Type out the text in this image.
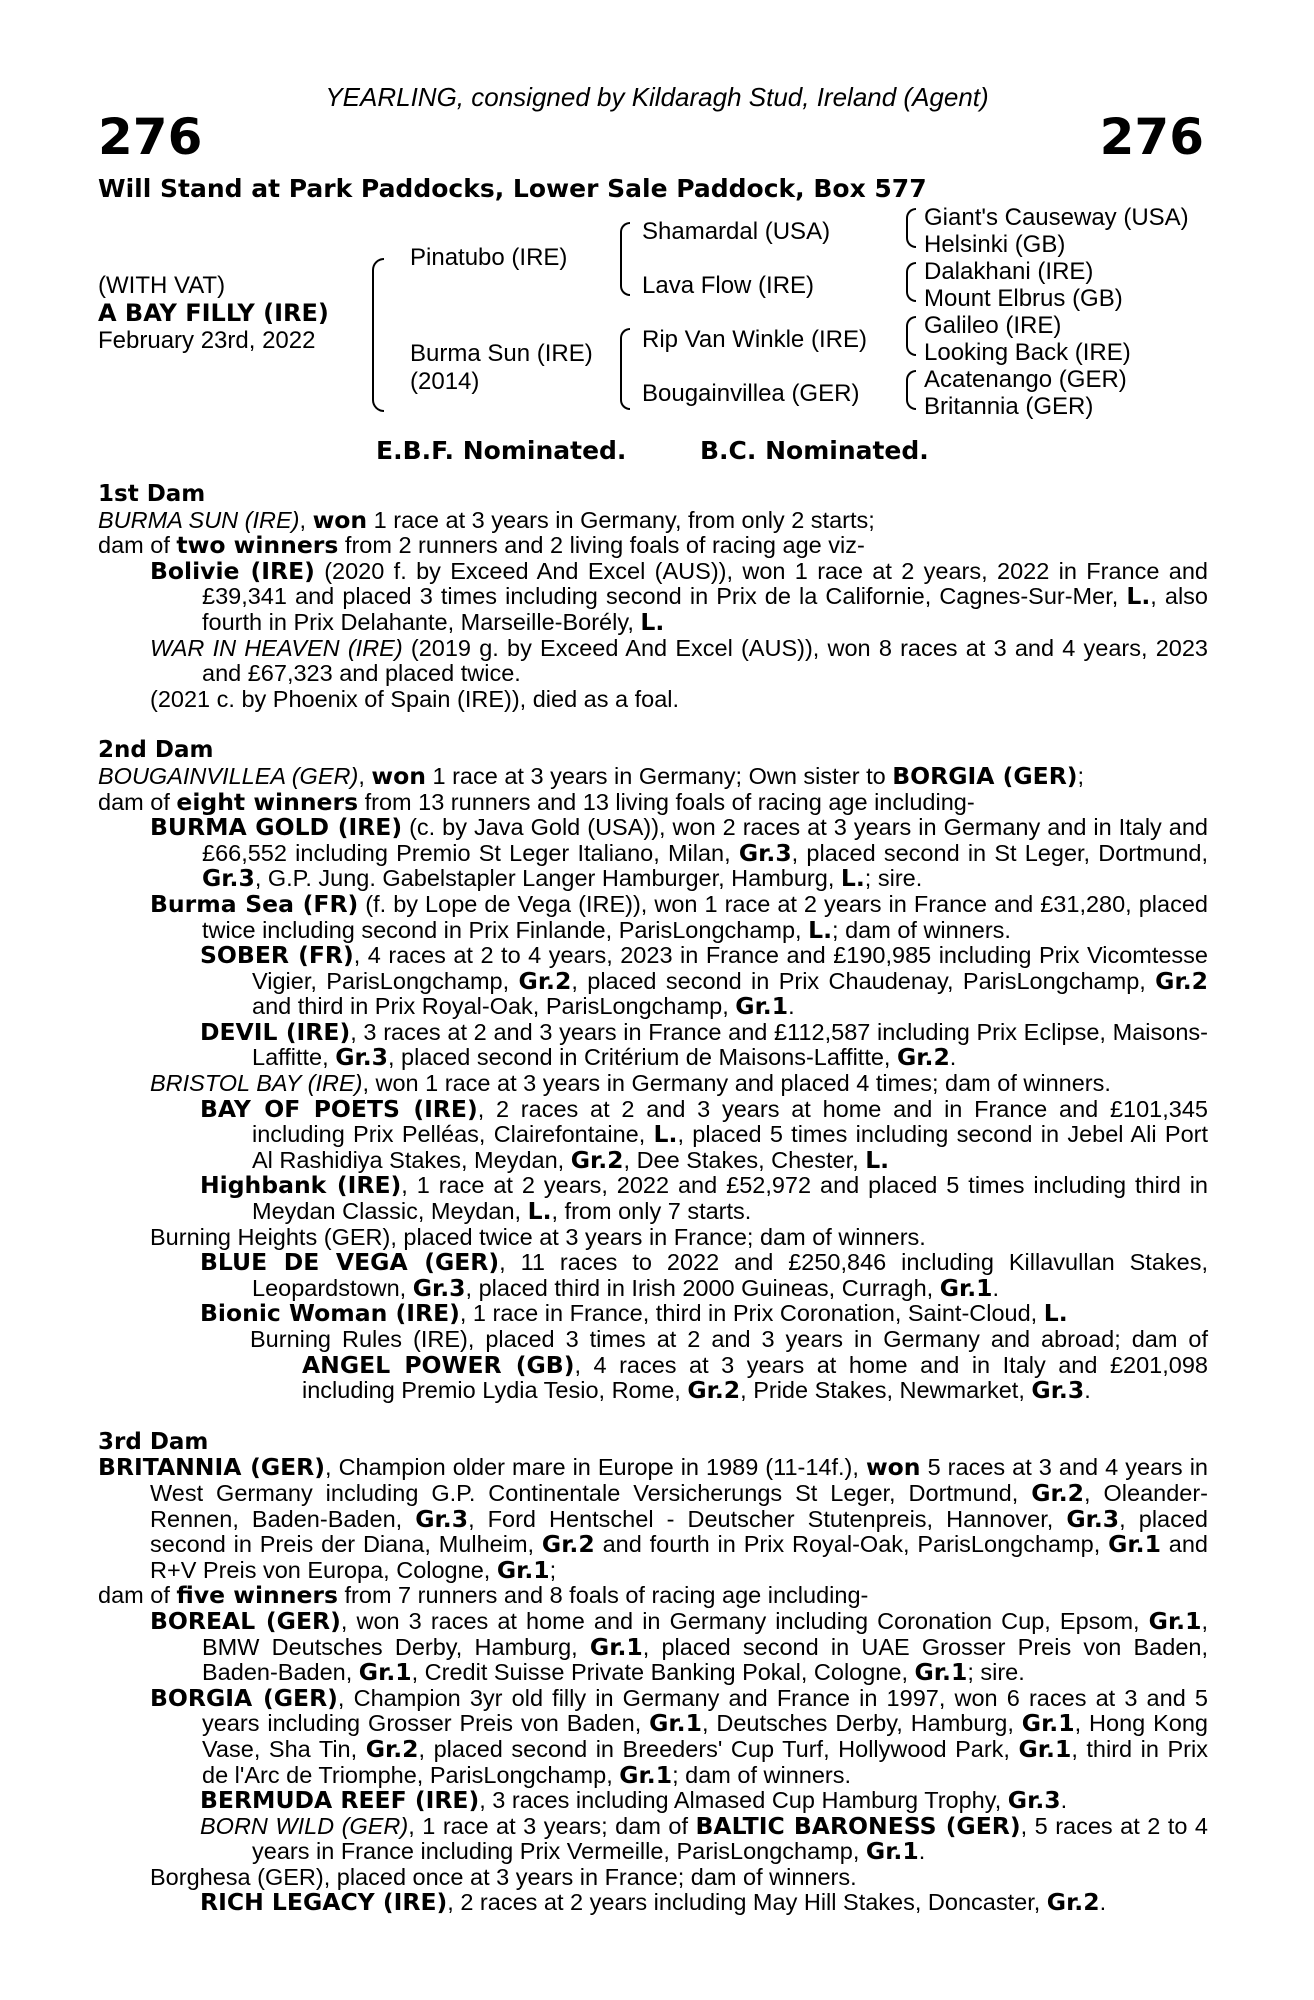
YEARLING, consigned by Kildaragh Stud, Ireland (Agent)
276	276
Will Stand at Park Paddocks, Lower Sale Paddock, Box 577
(WITH VAT)
A BAY FILLY (IRE)
February 23rd, 2022
Pinatubo (IRE)
Burma Sun (IRE)
(2014)
Shamardal (USA)
Lava Flow (IRE)
Rip Van Winkle (IRE)
Bougainvillea (GER)
Giant's Causeway (USA)
Helsinki (GB)
Dalakhani (IRE)
Mount Elbrus (GB)
Galileo (IRE)
Looking Back (IRE)
Acatenango (GER)
Britannia (GER)
E.B.F. Nominated.	B.C. Nominated.

1st Dam

BURMA SUN (IRE), won 1 race at 3 years in Germany, from only 2 starts;

dam of two winners from 2 runners and 2 living foals of racing age viz-

Bolivie (IRE) (2020 f. by Exceed And Excel (AUS)), won 1 race at 2 years, 2022 in France and £39,341 and placed 3 times including second in Prix de la Californie, Cagnes-Sur-Mer, L., also fourth in Prix Delahante, Marseille-Borély, L.

WAR IN HEAVEN (IRE) (2019 g. by Exceed And Excel (AUS)), won 8 races at 3 and 4 years, 2023 and £67,323 and placed twice.

(2021 c. by Phoenix of Spain (IRE)), died as a foal.

2nd Dam

BOUGAINVILLEA (GER), won 1 race at 3 years in Germany; Own sister to BORGIA (GER);

dam of eight winners from 13 runners and 13 living foals of racing age including-

BURMA GOLD (IRE) (c. by Java Gold (USA)), won 2 races at 3 years in Germany and in Italy and £66,552 including Premio St Leger Italiano, Milan, Gr.3, placed second in St Leger, Dortmund, Gr.3, G.P. Jung. Gabelstapler Langer Hamburger, Hamburg, L.; sire.

Burma Sea (FR) (f. by Lope de Vega (IRE)), won 1 race at 2 years in France and £31,280, placed twice including second in Prix Finlande, ParisLongchamp, L.; dam of winners.

SOBER (FR), 4 races at 2 to 4 years, 2023 in France and £190,985 including Prix Vicomtesse Vigier, ParisLongchamp, Gr.2, placed second in Prix Chaudenay, ParisLongchamp, Gr.2 and third in Prix Royal-Oak, ParisLongchamp, Gr.1.

DEVIL (IRE), 3 races at 2 and 3 years in France and £112,587 including Prix Eclipse, Maisons-Laffitte, Gr.3, placed second in Critérium de Maisons-Laffitte, Gr.2.

BRISTOL BAY (IRE), won 1 race at 3 years in Germany and placed 4 times; dam of winners.

BAY OF POETS (IRE), 2 races at 2 and 3 years at home and in France and £101,345 including Prix Pelléas, Clairefontaine, L., placed 5 times including second in Jebel Ali Port Al Rashidiya Stakes, Meydan, Gr.2, Dee Stakes, Chester, L.

Highbank (IRE), 1 race at 2 years, 2022 and £52,972 and placed 5 times including third in Meydan Classic, Meydan, L., from only 7 starts.

Burning Heights (GER), placed twice at 3 years in France; dam of winners.

BLUE DE VEGA (GER), 11 races to 2022 and £250,846 including Killavullan Stakes, Leopardstown, Gr.3, placed third in Irish 2000 Guineas, Curragh, Gr.1.

Bionic Woman (IRE), 1 race in France, third in Prix Coronation, Saint-Cloud, L.

Burning Rules (IRE), placed 3 times at 2 and 3 years in Germany and abroad; dam of ANGEL POWER (GB), 4 races at 3 years at home and in Italy and £201,098 including Premio Lydia Tesio, Rome, Gr.2, Pride Stakes, Newmarket, Gr.3.

3rd Dam

BRITANNIA (GER), Champion older mare in Europe in 1989 (11-14f.), won 5 races at 3 and 4 years in West Germany including G.P. Continentale Versicherungs St Leger, Dortmund, Gr.2, Oleander-Rennen, Baden-Baden, Gr.3, Ford Hentschel - Deutscher Stutenpreis, Hannover, Gr.3, placed second in Preis der Diana, Mulheim, Gr.2 and fourth in Prix Royal-Oak, ParisLongchamp, Gr.1 and R+V Preis von Europa, Cologne, Gr.1;

dam of five winners from 7 runners and 8 foals of racing age including-

BOREAL (GER), won 3 races at home and in Germany including Coronation Cup, Epsom, Gr.1, BMW Deutsches Derby, Hamburg, Gr.1, placed second in UAE Grosser Preis von Baden, Baden-Baden, Gr.1, Credit Suisse Private Banking Pokal, Cologne, Gr.1; sire.

BORGIA (GER), Champion 3yr old filly in Germany and France in 1997, won 6 races at 3 and 5 years including Grosser Preis von Baden, Gr.1, Deutsches Derby, Hamburg, Gr.1, Hong Kong Vase, Sha Tin, Gr.2, placed second in Breeders' Cup Turf, Hollywood Park, Gr.1, third in Prix de l'Arc de Triomphe, ParisLongchamp, Gr.1; dam of winners.

BERMUDA REEF (IRE), 3 races including Almased Cup Hamburg Trophy, Gr.3.

BORN WILD (GER), 1 race at 3 years; dam of BALTIC BARONESS (GER), 5 races at 2 to 4 years in France including Prix Vermeille, ParisLongchamp, Gr.1.

Borghesa (GER), placed once at 3 years in France; dam of winners.

RICH LEGACY (IRE), 2 races at 2 years including May Hill Stakes, Doncaster, Gr.2.
